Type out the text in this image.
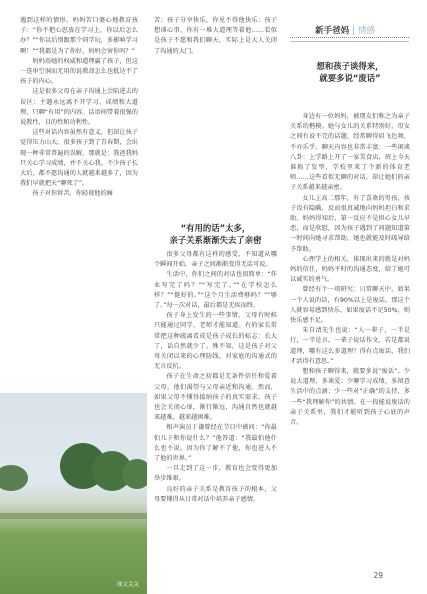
新手爸妈 | 情感

遇到这样的情形，妈妈苦口婆心地教育孩子：“你不把心思放在学习上，你以后怎么办？”“你以后别跟那个同学玩，多影响学习啊！”“我都是为了你好，妈妈会害你吗？”

妈妈用她的权威和道理赢了孩子，但这一连串空洞而无用的说教却怎么也抵达不了孩子的内心。

这是很多父母在亲子沟通上会陷进去的误区：主题永远离不开学习、成绩和大道理，只聊“有用”的内容。话语间带着很强的说教性，目的性和功利性。

这些对话内容虽然有意义，但却让孩子觉得压力山大。很多孩子到了青春期，会出现一种非常普遍的误解，那就是：我爸我妈只关心学习成绩，并不关心我。不少孩子长大后，都不愿沟通的人就越来越多了，因为我们早就把天“聊死了”。

孩子对你诉苦，你轻视他的痛

苦；孩子分享快乐，你见不得他快乐；孩子想谈心事，你有一堆大道理等着他……看似是孩子不愿和我们聊天，实际上是大人关闭了沟通的大门。

“有用的话”太多，
亲子关系渐渐失去了亲密

很多父母都有这样的感受，不知道从哪个瞬间开始，亲子之间渐渐变得无话可说。

生活中，你们之间的对话也很简单：“作业写完了吗？”“写完了。”“在学校怎么样？”“挺好的。”“这个月生活费够吗？”“够了。”每一次对话，最后都是无疾而终。

孩子身上发生的一些事情，父母有时候只能通过同学、老师才能知道。有的家长常常把这种疏离看成是孩子成长的标志：长大了，话自然就少了。殊不知，这是孩子对父母关闭以来的心理防线，对家庭的沟通式的无言反抗。

孩子在生命之初都是无条件信任和爱着父母，他们渴望与父母亲近和沟通。然而，如果父母不懂得接纳孩子的真实需求，孩子也会关闭心扉，渐行渐远，沟通自然也就越来越难，越来越困难。

相声演员于谦曾经在节目中被问：“你最怕儿子和你说什么？”他答道：“我最怕他什么也不说。因为你了解不了他，你也进入不了他的世界。”

一旦走到了这一步，教育也会变得更加举步维艰。

良好的亲子关系是教育孩子的根本，父母要懂得从日常对话中培养亲子感情。

想和孩子谈得来，
就要多说“废话”

身边有一位妈妈，被朋友们称之为亲子关系的楷模。她与女儿的关系特别好，母女之间有说不完的话题，经常聊得眉飞色舞，不亦乐乎。聊天内容也非常丰富：一些闲谈八卦：上学路上开了一家美食店，班上今天谁换了发型，学校里来了个新的体育老师……这些看似无聊的对话，却让她们的亲子关系越来越亲密。

女儿上高二那年，有了喜欢的男孩，孩子没有隐瞒，反而很真诚地向妈妈坦白和求助。妈妈得知后，第一反应不是担心女儿早恋，而是欣慰，因为孩子遇到了问题知道第一时间向她寻求帮助，她也就能及时疏导给予帮助。

心理学上的相关，体现出来的就是对妈妈的信任，妈妈平时的沟通态度，给了她可以诚实的勇气。

曾经有个一项研究：日常聊天中，如果一个人说的话，有90%以上是废话，那这个人就容易感到快乐。如果废话不足50%，则快乐感不足。

朱自清先生也说：“人一辈子，一半是行，一半是言。一辈子说话作文，若是都说道理，哪有这么多道理？得有点废话，我们才活得有意思。”

想和孩子聊得来，就要多说“废话”。少说大道理，多谈爱；少聊学习成绩，多留意生活中的点滴；少一些对“正确”的支持，多一些“我理解你”的共情。在一段能说废话的亲子关系里，我们才能听到孩子心底的声音。

图文关关
29
